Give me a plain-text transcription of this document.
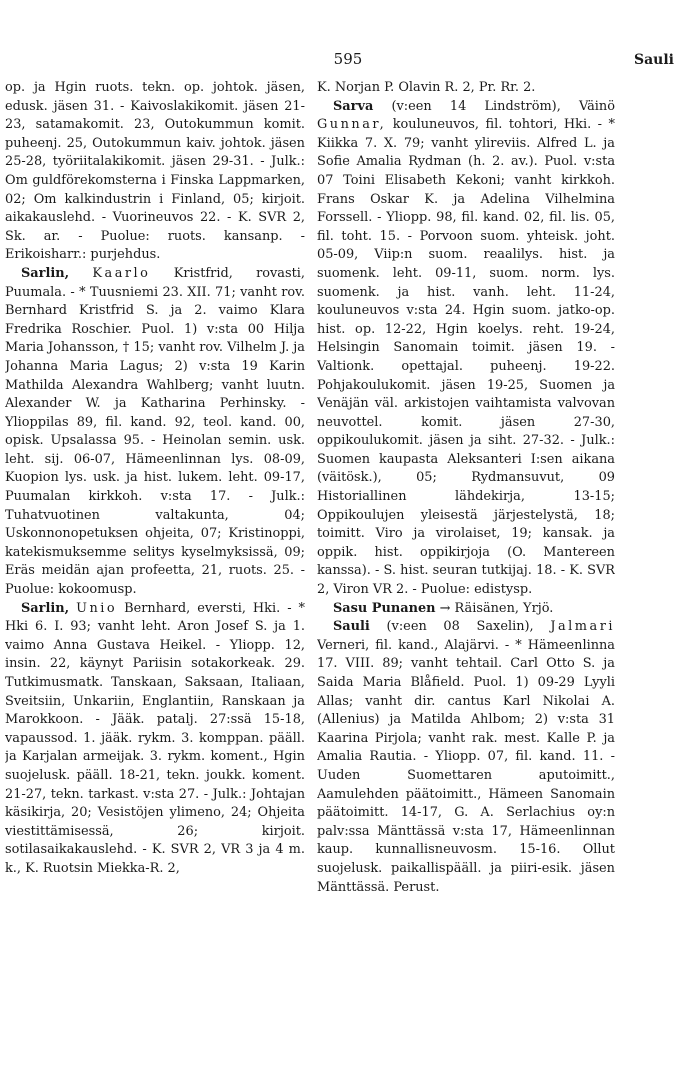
595	Sauli

op. ja Hgin ruots. tekn. op. johtok. jäsen, edusk. jäsen 31. - Kaivoslakikomit. jäsen 21-23, satamakomit. 23, Outokummun komit. puheenj. 25, Outokummun kaiv. johtok. jäsen 25-28, työriitalakikomit. jäsen 29-31. - Julk.: Om guldförekomsterna i Finska Lappmarken, 02; Om kalkindustrin i Finland, 05; kirjoit. aikakauslehd. - Vuorineuvos 22. - K. SVR 2, Sk. ar. - Puolue: ruots. kansanp. - Erikoisharr.: purjehdus.

Sarlin, Kaarlo Kristfrid, rovasti, Puumala. - * Tuusniemi 23. XII. 71; vanht rov. Bernhard Kristfrid S. ja 2. vaimo Klara Fredrika Roschier. Puol. 1) v:sta 00 Hilja Maria Johansson, † 15; vanht rov. Vilhelm J. ja Johanna Maria Lagus; 2) v:sta 19 Karin Mathilda Alexandra Wahlberg; vanht luutn. Alexander W. ja Katharina Perhinsky. - Ylioppilas 89, fil. kand. 92, teol. kand. 00, opisk. Upsalassa 95. - Heinolan semin. usk. leht. sij. 06-07, Hämeenlinnan lys. 08-09, Kuopion lys. usk. ja hist. lukem. leht. 09-17, Puumalan kirkkoh. v:sta 17. - Julk.: Tuhatvuotinen valtakunta, 04; Uskonnonopetuksen ohjeita, 07; Kristinoppi, katekismuksemme selitys kyselmyksissä, 09; Eräs meidän ajan profeetta, 21, ruots. 25. - Puolue: kokoomusp.

Sarlin, Unio Bernhard, eversti, Hki. - * Hki 6. I. 93; vanht leht. Aron Josef S. ja 1. vaimo Anna Gustava Heikel. - Yliopp. 12, insin. 22, käynyt Pariisin sotakorkeak. 29. Tutkimusmatk. Tanskaan, Saksaan, Italiaan, Sveitsiin, Unkariin, Englantiin, Ranskaan ja Marokkoon. - Jääk. patalj. 27:ssä 15-18, vapaussod. 1. jääk. rykm. 3. komppan. pääll. ja Karjalan armeijak. 3. rykm. koment., Hgin suojelusk. pääll. 18-21, tekn. joukk. koment. 21-27, tekn. tarkast. v:sta 27. - Julk.: Johtajan käsikirja, 20; Vesistöjen ylimeno, 24; Ohjeita viestittämisessä, 26; kirjoit. sotilasaikakauslehd. - K. SVR 2, VR 3 ja 4 m. k., K. Ruotsin Miekka-R. 2,

K. Norjan P. Olavin R. 2, Pr. Rr. 2.

Sarva (v:een 14 Lindström), Väinö Gunnar, kouluneuvos, fil. tohtori, Hki. - * Kiikka 7. X. 79; vanht ylireviis. Alfred L. ja Sofie Amalia Rydman (h. 2. av.). Puol. v:sta 07 Toini Elisabeth Kekoni; vanht kirkkoh. Frans Oskar K. ja Adelina Vilhelmina Forssell. - Yliopp. 98, fil. kand. 02, fil. lis. 05, fil. toht. 15. - Porvoon suom. yhteisk. joht. 05-09, Viip:n suom. reaalilys. hist. ja suomenk. leht. 09-11, suom. norm. lys. suomenk. ja hist. vanh. leht. 11-24, kouluneuvos v:sta 24. Hgin suom. jatko-op. hist. op. 12-22, Hgin koelys. reht. 19-24, Helsingin Sanomain toimit. jäsen 19. - Valtionk. opettajal. puheenj. 19-22. Pohjakoulukomit. jäsen 19-25, Suomen ja Venäjän väl. arkistojen vaihtamista valvovan neuvottel. komit. jäsen 27-30, oppikoulukomit. jäsen ja siht. 27-32. - Julk.: Suomen kaupasta Aleksanteri I:sen aikana (väitösk.), 05; Rydmansuvut, 09 Historiallinen lähdekirja, 13-15; Oppikoulujen yleisestä järjestelystä, 18; toimitt. Viro ja virolaiset, 19; kansak. ja oppik. hist. oppikirjoja (O. Mantereen kanssa). - S. hist. seuran tutkijaj. 18. - K. SVR 2, Viron VR 2. - Puolue: edistysp.

Sasu Punanen → Räisänen, Yrjö.

Sauli (v:een 08 Saxelin), Jalmari Verneri, fil. kand., Alajärvi. - * Hämeenlinna 17. VIII. 89; vanht tehtail. Carl Otto S. ja Saida Maria Blåfield. Puol. 1) 09-29 Lyyli Allas; vanht dir. cantus Karl Nikolai A. (Allenius) ja Matilda Ahlbom; 2) v:sta 31 Kaarina Pirjola; vanht rak. mest. Kalle P. ja Amalia Rautia. - Yliopp. 07, fil. kand. 11. - Uuden Suomettaren aputoimitt., Aamulehden päätoimitt., Hämeen Sanomain päätoimitt. 14-17, G. A. Serlachius oy:n palv:ssa Mänttässä v:sta 17, Hämeenlinnan kaup. kunnallisneuvosm. 15-16. Ollut suojelusk. paikallispääll. ja piiri-esik. jäsen Mänttässä. Perust.
